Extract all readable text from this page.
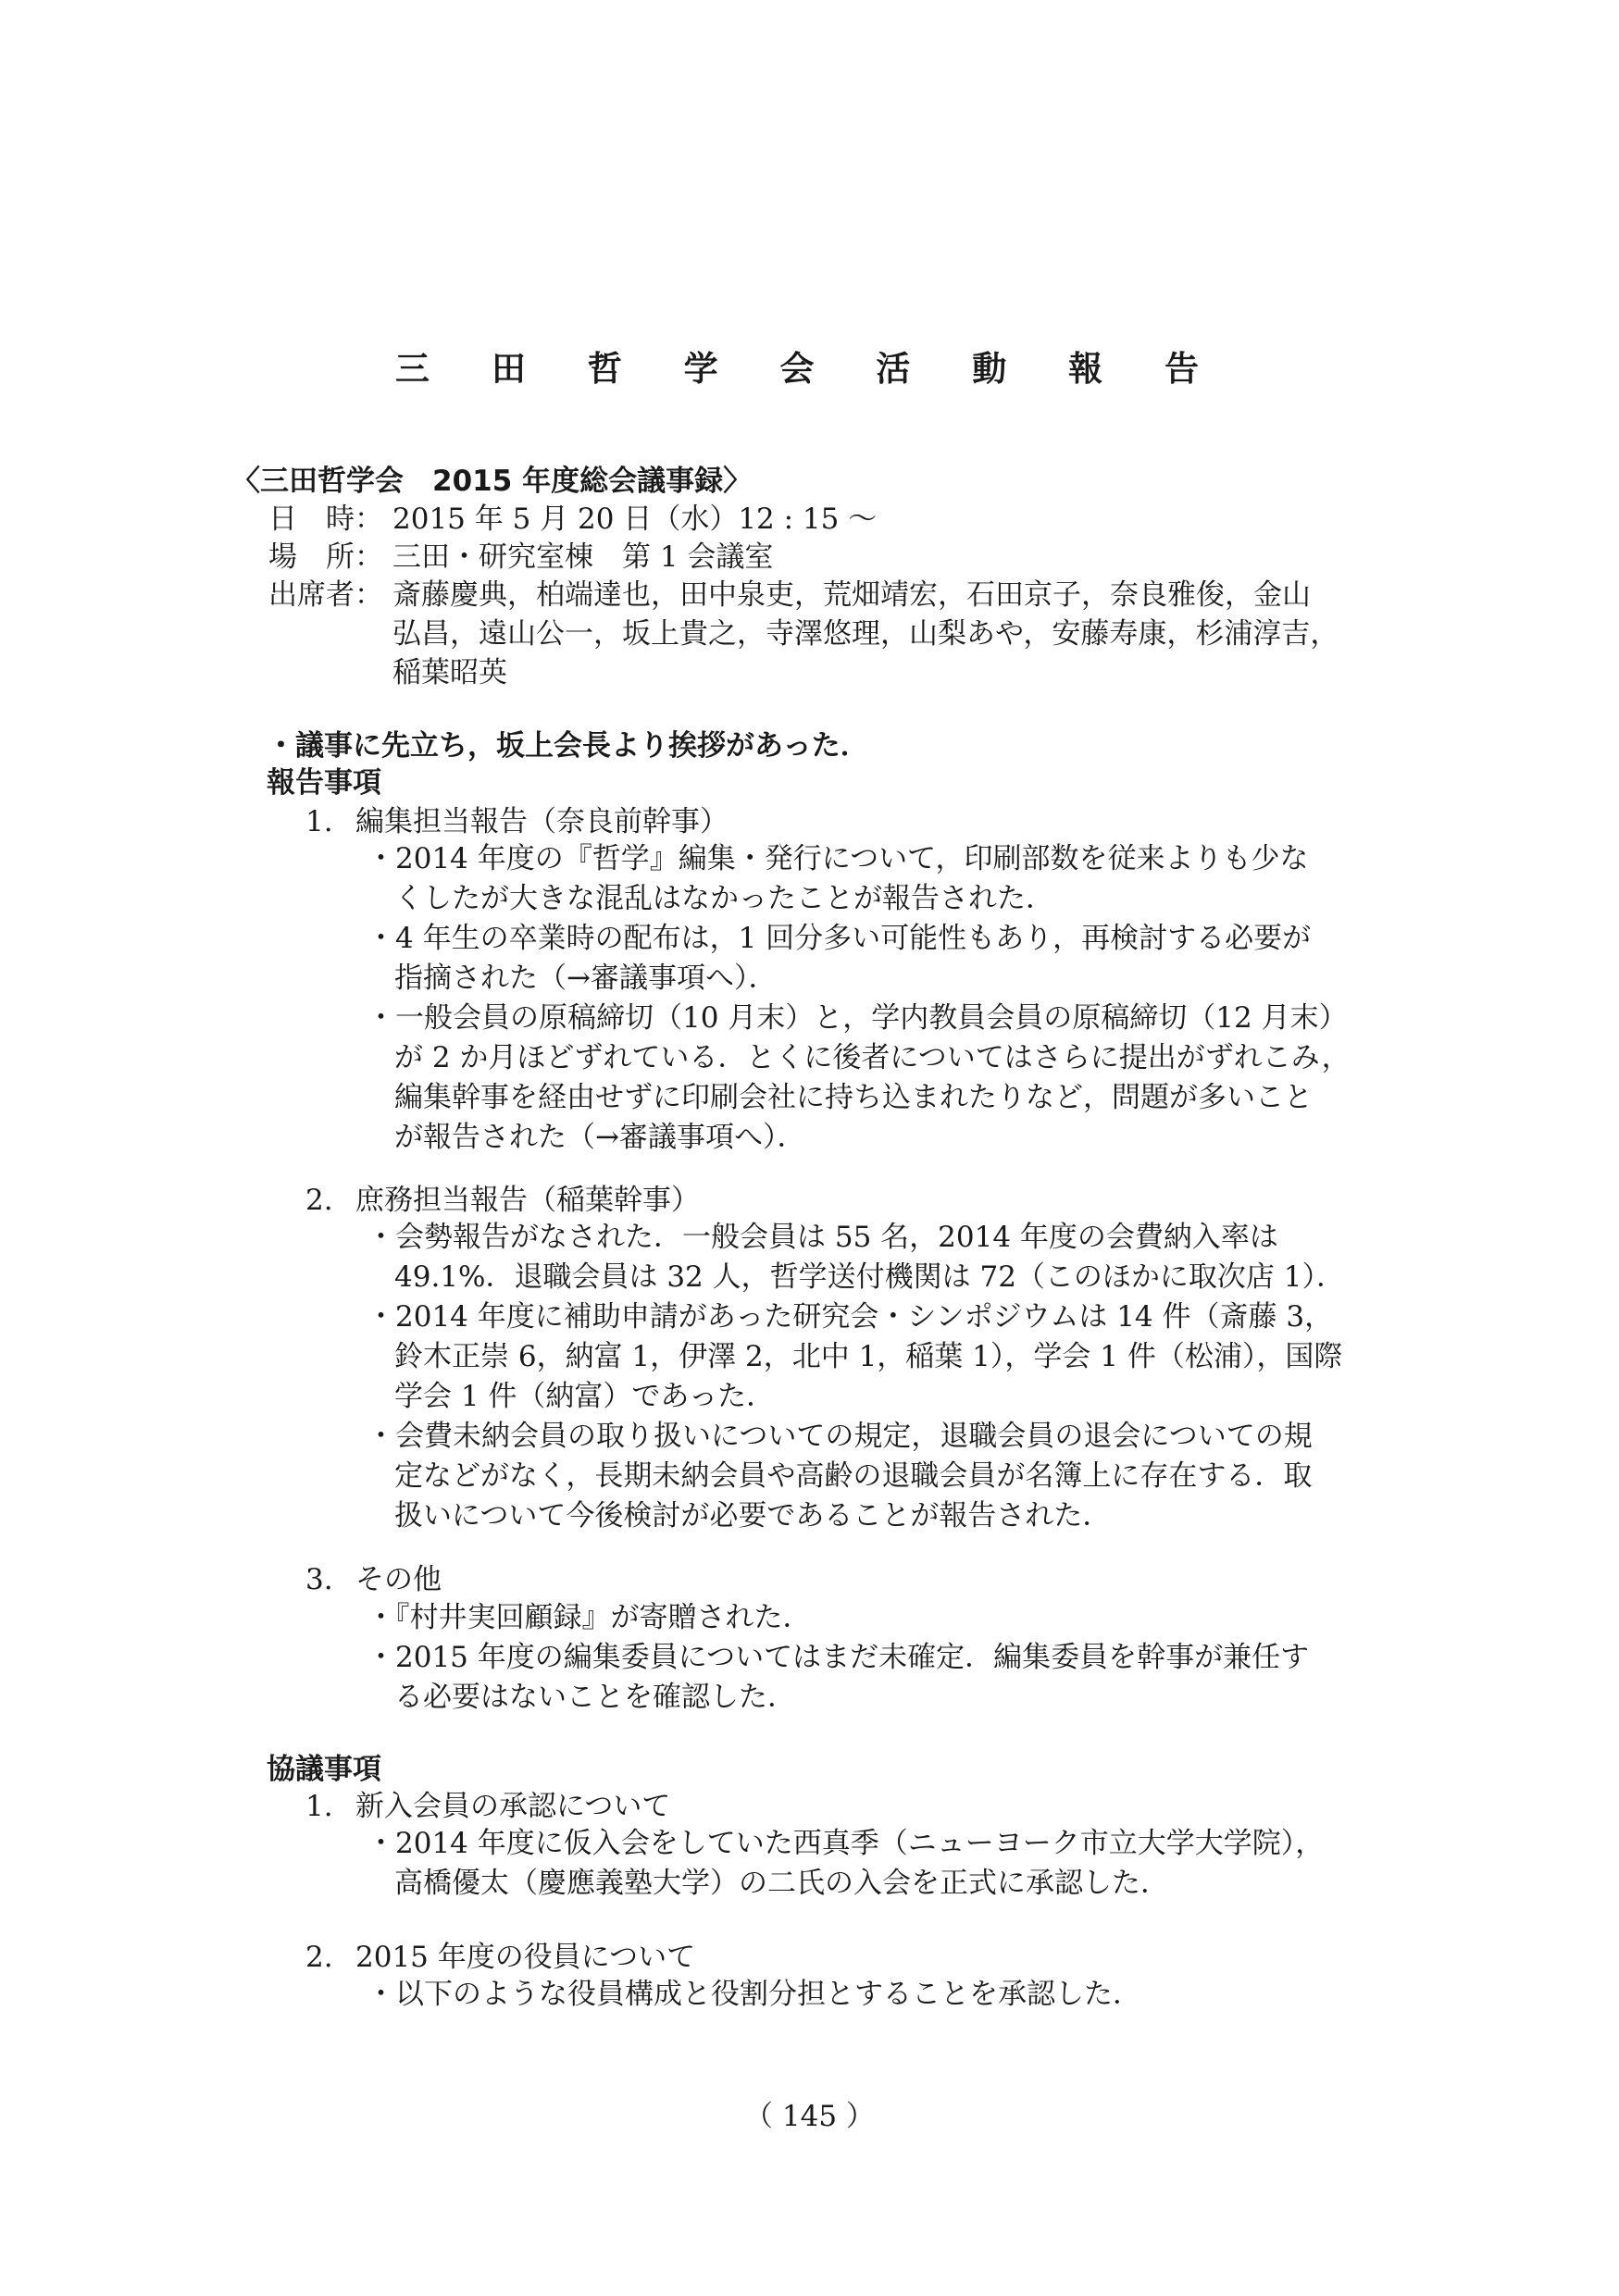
三 田 哲 学 会 活 動 報 告
〈三田哲学会　2015 年度総会議事録〉
日　時： 2015 年 5 月 20 日（水）12 : 15 〜
場　所： 三田・研究室棟　第 1 会議室
出席者： 斎藤慶典，柏端達也，田中泉吏，荒畑靖宏，石田京子，奈良雅俊，金山
弘昌，遠山公一，坂上貴之，寺澤悠理，山梨あや，安藤寿康，杉浦淳吉，
稲葉昭英
・議事に先立ち，坂上会長より挨拶があった．
報告事項
1. 編集担当報告（奈良前幹事）
・2014 年度の『哲学』編集・発行について，印刷部数を従来よりも少な
くしたが大きな混乱はなかったことが報告された．
・4 年生の卒業時の配布は，1 回分多い可能性もあり，再検討する必要が
指摘された（→審議事項へ）．
・一般会員の原稿締切（10 月末）と，学内教員会員の原稿締切（12 月末）
が 2 か月ほどずれている．とくに後者についてはさらに提出がずれこみ，
編集幹事を経由せずに印刷会社に持ち込まれたりなど，問題が多いこと
が報告された（→審議事項へ）．
2. 庶務担当報告（稲葉幹事）
・会勢報告がなされた．一般会員は 55 名，2014 年度の会費納入率は
49.1%．退職会員は 32 人，哲学送付機関は 72（このほかに取次店 1）．
・2014 年度に補助申請があった研究会・シンポジウムは 14 件（斎藤 3，
鈴木正崇 6，納富 1，伊澤 2，北中 1，稲葉 1），学会 1 件（松浦），国際
学会 1 件（納富）であった．
・会費未納会員の取り扱いについての規定，退職会員の退会についての規
定などがなく，長期未納会員や高齢の退職会員が名簿上に存在する．取
扱いについて今後検討が必要であることが報告された．
3. その他
・『村井実回顧録』が寄贈された．
・2015 年度の編集委員についてはまだ未確定．編集委員を幹事が兼任す
る必要はないことを確認した．
協議事項
1. 新入会員の承認について
・2014 年度に仮入会をしていた西真季（ニューヨーク市立大学大学院），
高橋優太（慶應義塾大学）の二氏の入会を正式に承認した．
2. 2015 年度の役員について
・以下のような役員構成と役割分担とすることを承認した．
（ 145 ）
